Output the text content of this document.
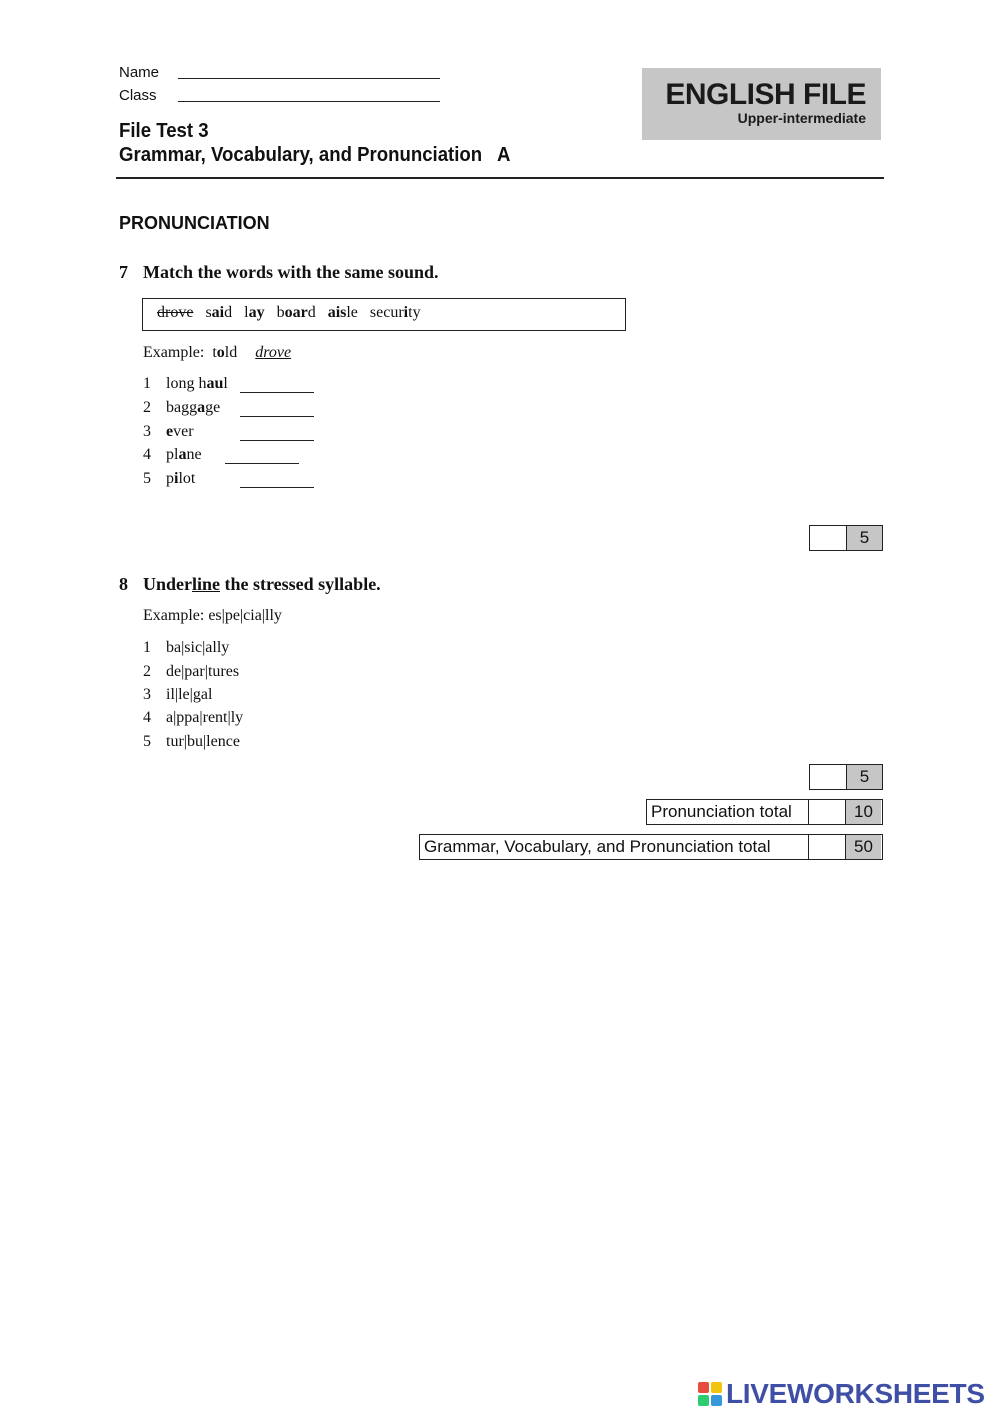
Name
Class
File Test 3
Grammar, Vocabulary, and Pronunciation   A
ENGLISH FILE
Upper-intermediate
PRONUNCIATION
7 Match the words with the same sound.
drove said lay board aisle security
Example: told drove
1 long haul
2 baggage
3 ever
4 plane
5 pilot
5
8 Underline the stressed syllable.
Example: es|pe|cia|lly
1 ba|sic|ally
2 de|par|tures
3 il|le|gal
4 a|ppa|rent|ly
5 tur|bu|lence
5
Pronunciation total	10
Grammar, Vocabulary, and Pronunciation total	50
LIVEWORKSHEETS
